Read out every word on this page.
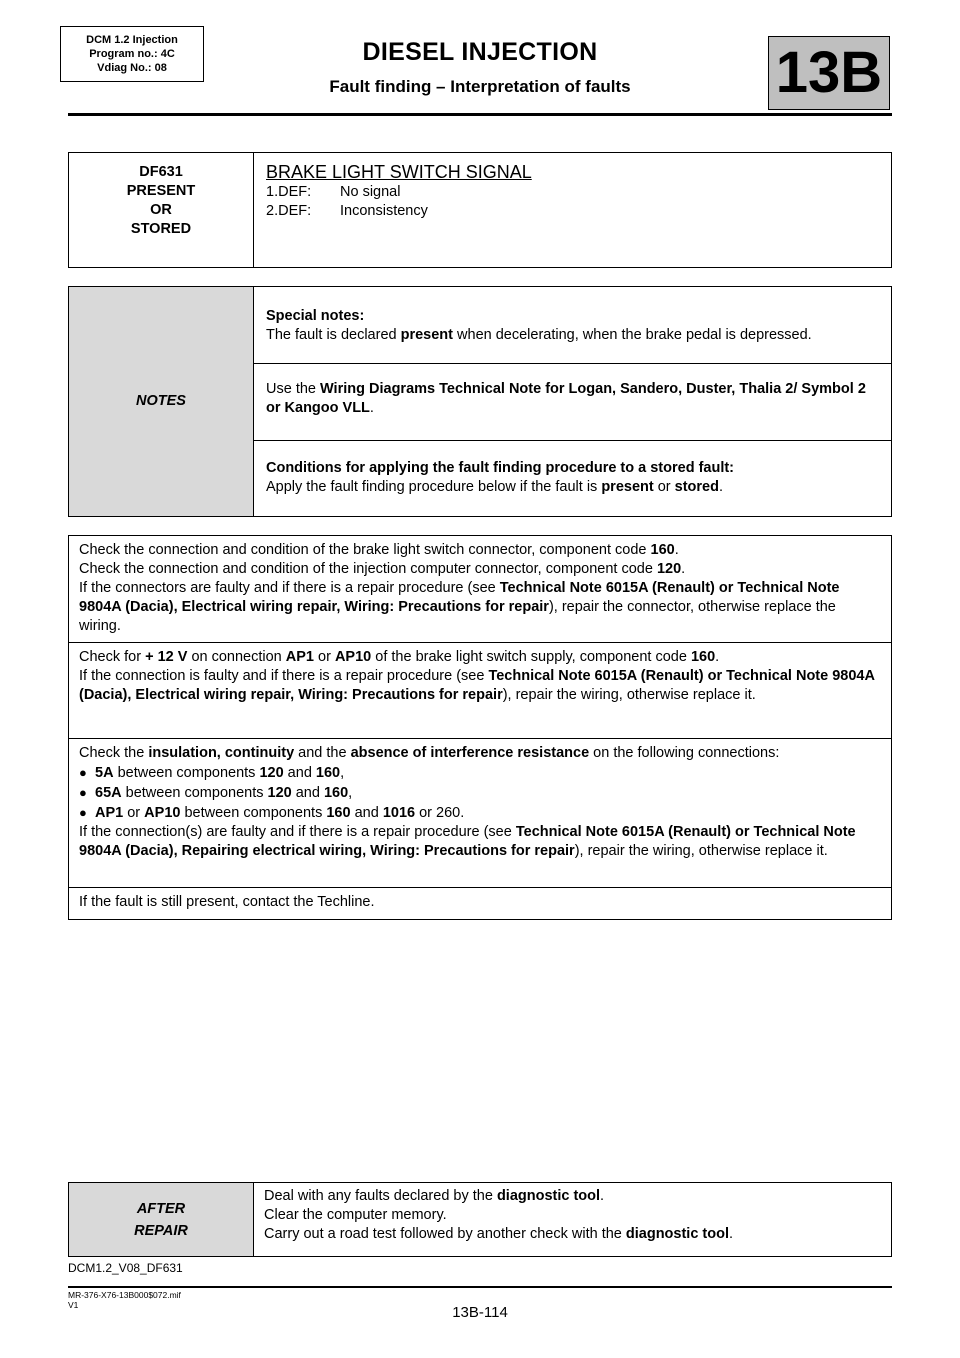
DCM 1.2 Injection
Program no.: 4C
Vdiag No.: 08
DIESEL INJECTION
Fault finding – Interpretation of faults	13B
DF631
PRESENT
OR
STORED

BRAKE LIGHT SWITCH SIGNAL
1.DEF: No signal
2.DEF: Inconsistency
NOTES	
Special notes:
The fault is declared present when decelerating, when the brake pedal is depressed.

Use the Wiring Diagrams Technical Note for Logan, Sandero, Duster, Thalia 2/ Symbol 2 or Kangoo VLL.

Conditions for applying the fault finding procedure to a stored fault:
Apply the fault finding procedure below if the fault is present or stored.
Check the connection and condition of the brake light switch connector, component code 160.
Check the connection and condition of the injection computer connector, component code 120.
If the connectors are faulty and if there is a repair procedure (see Technical Note 6015A (Renault) or Technical Note 9804A (Dacia), Electrical wiring repair, Wiring: Precautions for repair), repair the connector, otherwise replace the wiring.

Check for + 12 V on connection AP1 or AP10 of the brake light switch supply, component code 160.
If the connection is faulty and if there is a repair procedure (see Technical Note 6015A (Renault) or Technical Note 9804A (Dacia), Electrical wiring repair, Wiring: Precautions for repair), repair the wiring, otherwise replace it.

Check the insulation, continuity and the absence of interference resistance on the following connections:
● 5A between components 120 and 160,
● 65A between components 120 and 160,
● AP1 or AP10 between components 160 and 1016 or 260.
If the connection(s) are faulty and if there is a repair procedure (see Technical Note 6015A (Renault) or Technical Note 9804A (Dacia), Repairing electrical wiring, Wiring: Precautions for repair), repair the wiring, otherwise replace it.

If the fault is still present, contact the Techline.
AFTER
REPAIR

Deal with any faults declared by the diagnostic tool.
Clear the computer memory.
Carry out a road test followed by another check with the diagnostic tool.
DCM1.2_V08_DF631
MR-376-X76-13B000$072.mif
V1	13B-114
